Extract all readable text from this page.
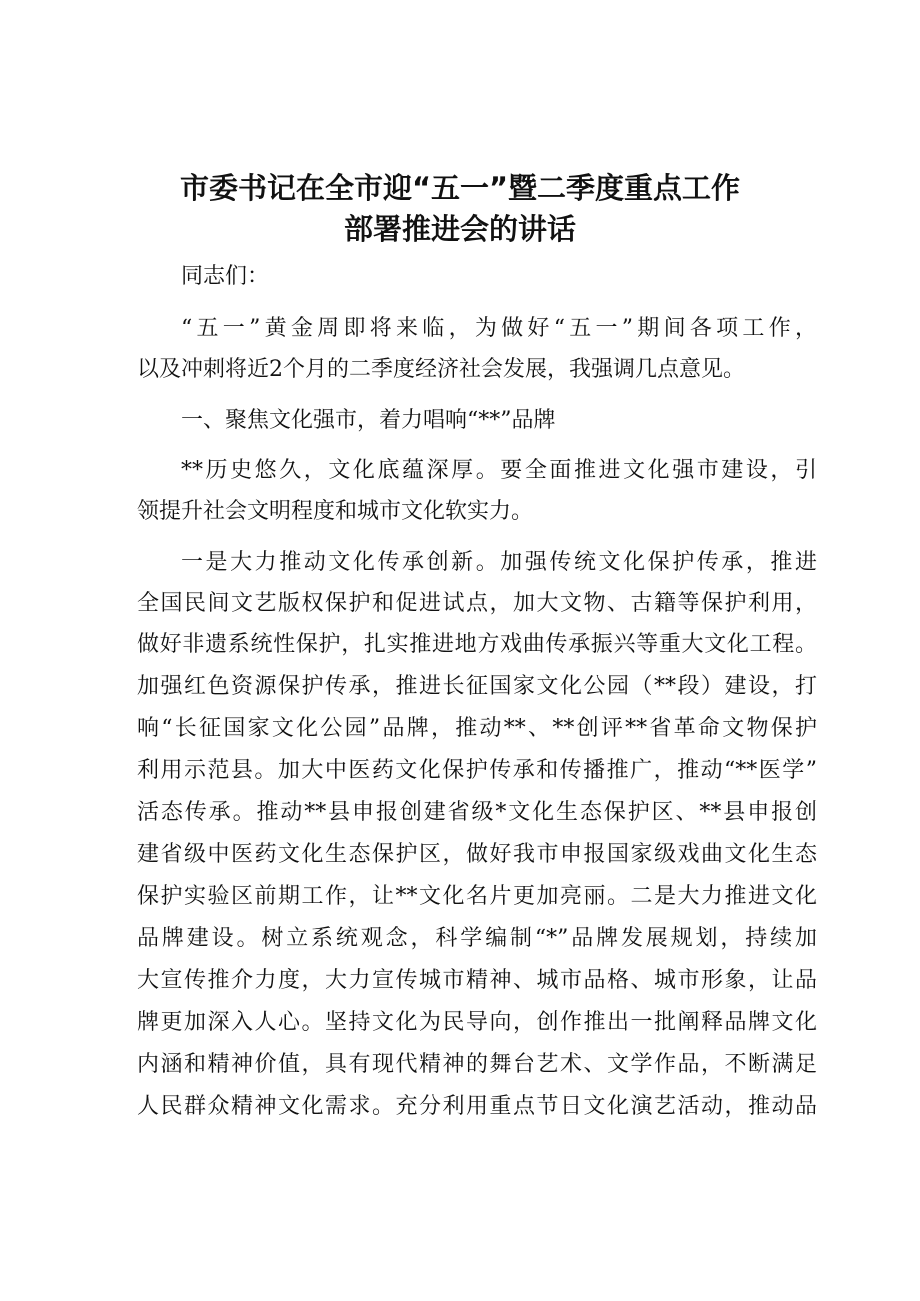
市委书记在全市迎“五一”暨二季度重点工作
部署推进会的讲话
同志们：
“五一”黄金周即将来临，为做好“五一”期间各项工作，
以及冲刺将近2个月的二季度经济社会发展，我强调几点意见。
一、聚焦文化强市，着力唱响“**”品牌
**历史悠久，文化底蕴深厚。要全面推进文化强市建设，引
领提升社会文明程度和城市文化软实力。
一是大力推动文化传承创新。加强传统文化保护传承，推进
全国民间文艺版权保护和促进试点，加大文物、古籍等保护利用，
做好非遗系统性保护，扎实推进地方戏曲传承振兴等重大文化工程。
加强红色资源保护传承，推进长征国家文化公园（**段）建设，打
响“长征国家文化公园”品牌，推动**、**创评**省革命文物保护
利用示范县。加大中医药文化保护传承和传播推广，推动“**医学”
活态传承。推动**县申报创建省级*文化生态保护区、**县申报创
建省级中医药文化生态保护区，做好我市申报国家级戏曲文化生态
保护实验区前期工作，让**文化名片更加亮丽。二是大力推进文化
品牌建设。树立系统观念，科学编制“*”品牌发展规划，持续加
大宣传推介力度，大力宣传城市精神、城市品格、城市形象，让品
牌更加深入人心。坚持文化为民导向，创作推出一批阐释品牌文化
内涵和精神价值，具有现代精神的舞台艺术、文学作品，不断满足
人民群众精神文化需求。充分利用重点节日文化演艺活动，推动品
